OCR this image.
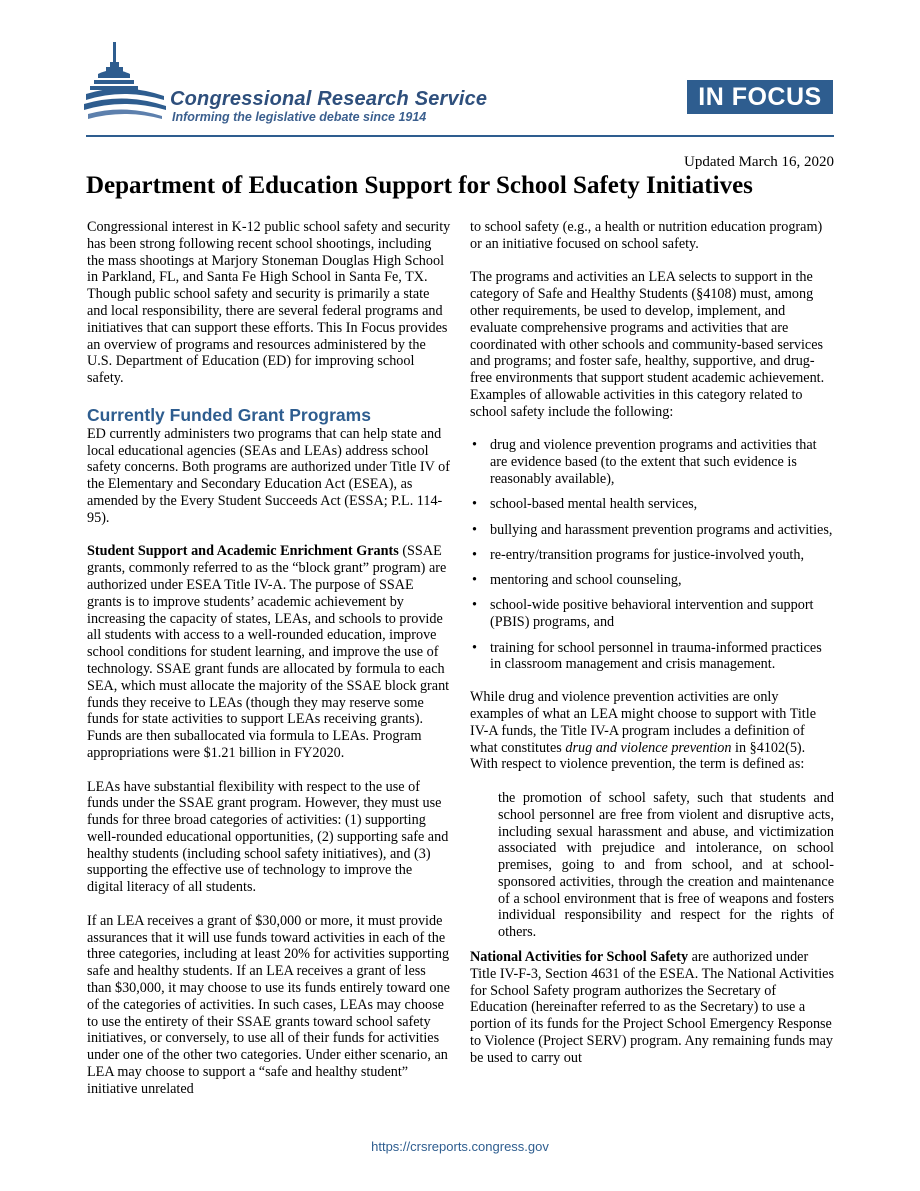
Congressional Research Service
Informing the legislative debate since 1914
IN FOCUS
Updated March 16, 2020
Department of Education Support for School Safety Initiatives

Congressional interest in K-12 public school safety and security has been strong following recent school shootings, including the mass shootings at Marjory Stoneman Douglas High School in Parkland, FL, and Santa Fe High School in Santa Fe, TX. Though public school safety and security is primarily a state and local responsibility, there are several federal programs and initiatives that can support these efforts. This In Focus provides an overview of programs and resources administered by the U.S. Department of Education (ED) for improving school safety.

Currently Funded Grant Programs

ED currently administers two programs that can help state and local educational agencies (SEAs and LEAs) address school safety concerns. Both programs are authorized under Title IV of the Elementary and Secondary Education Act (ESEA), as amended by the Every Student Succeeds Act (ESSA; P.L. 114-95).

Student Support and Academic Enrichment Grants (SSAE grants, commonly referred to as the “block grant” program) are authorized under ESEA Title IV-A. The purpose of SSAE grants is to improve students’ academic achievement by increasing the capacity of states, LEAs, and schools to provide all students with access to a well-rounded education, improve school conditions for student learning, and improve the use of technology. SSAE grant funds are allocated by formula to each SEA, which must allocate the majority of the SSAE block grant funds they receive to LEAs (though they may reserve some funds for state activities to support LEAs receiving grants). Funds are then suballocated via formula to LEAs. Program appropriations were $1.21 billion in FY2020.

LEAs have substantial flexibility with respect to the use of funds under the SSAE grant program. However, they must use funds for three broad categories of activities: (1) supporting well-rounded educational opportunities, (2) supporting safe and healthy students (including school safety initiatives), and (3) supporting the effective use of technology to improve the digital literacy of all students.

If an LEA receives a grant of $30,000 or more, it must provide assurances that it will use funds toward activities in each of the three categories, including at least 20% for activities supporting safe and healthy students. If an LEA receives a grant of less than $30,000, it may choose to use its funds entirely toward one of the categories of activities. In such cases, LEAs may choose to use the entirety of their SSAE grants toward school safety initiatives, or conversely, to use all of their funds for activities under one of the other two categories. Under either scenario, an LEA may choose to support a “safe and healthy student” initiative unrelated

to school safety (e.g., a health or nutrition education program) or an initiative focused on school safety.

The programs and activities an LEA selects to support in the category of Safe and Healthy Students (§4108) must, among other requirements, be used to develop, implement, and evaluate comprehensive programs and activities that are coordinated with other schools and community-based services and programs; and foster safe, healthy, supportive, and drug-free environments that support student academic achievement. Examples of allowable activities in this category related to school safety include the following:

• drug and violence prevention programs and activities that are evidence based (to the extent that such evidence is reasonably available),
• school-based mental health services,
• bullying and harassment prevention programs and activities,
• re-entry/transition programs for justice-involved youth,
• mentoring and school counseling,
• school-wide positive behavioral intervention and support (PBIS) programs, and
• training for school personnel in trauma-informed practices in classroom management and crisis management.

While drug and violence prevention activities are only examples of what an LEA might choose to support with Title IV-A funds, the Title IV-A program includes a definition of what constitutes drug and violence prevention in §4102(5). With respect to violence prevention, the term is defined as:

the promotion of school safety, such that students and school personnel are free from violent and disruptive acts, including sexual harassment and abuse, and victimization associated with prejudice and intolerance, on school premises, going to and from school, and at school-sponsored activities, through the creation and maintenance of a school environment that is free of weapons and fosters individual responsibility and respect for the rights of others.

National Activities for School Safety are authorized under Title IV-F-3, Section 4631 of the ESEA. The National Activities for School Safety program authorizes the Secretary of Education (hereinafter referred to as the Secretary) to use a portion of its funds for the Project School Emergency Response to Violence (Project SERV) program. Any remaining funds may be used to carry out

https://crsreports.congress.gov
